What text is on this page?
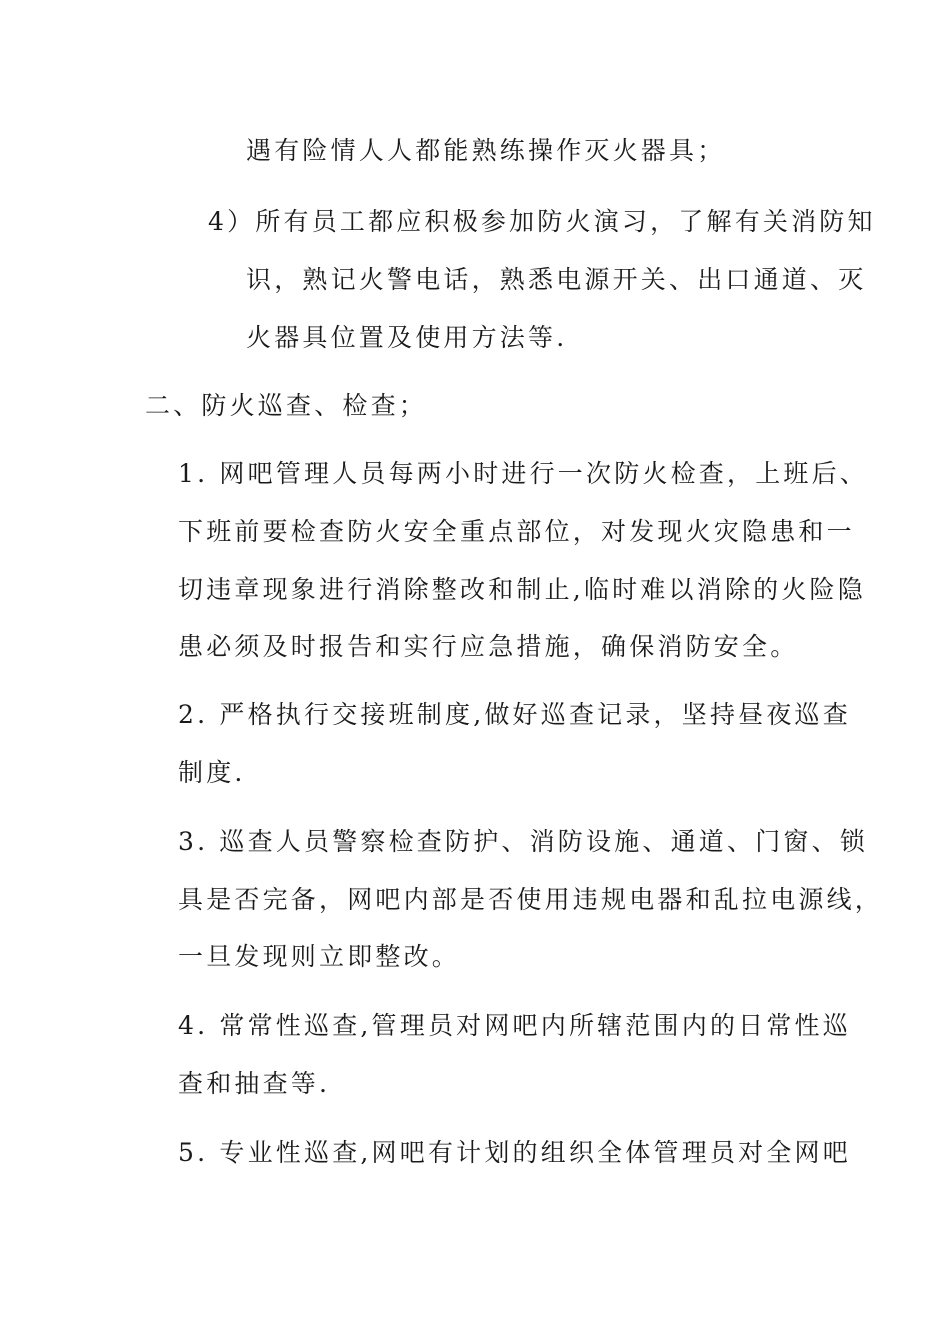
遇有险情人人都能熟练操作灭火器具；
4）所有员工都应积极参加防火演习，了解有关消防知
识，熟记火警电话，熟悉电源开关、出口通道、灭
火器具位置及使用方法等.
二、防火巡查、检查；
1. 网吧管理人员每两小时进行一次防火检查，上班后、
下班前要检查防火安全重点部位，对发现火灾隐患和一
切违章现象进行消除整改和制止,临时难以消除的火险隐
患必须及时报告和实行应急措施，确保消防安全。
2. 严格执行交接班制度,做好巡查记录，坚持昼夜巡查
制度.
3. 巡查人员警察检查防护、消防设施、通道、门窗、锁
具是否完备，网吧内部是否使用违规电器和乱拉电源线，
一旦发现则立即整改。
4. 常常性巡查,管理员对网吧内所辖范围内的日常性巡
查和抽查等.
5. 专业性巡查,网吧有计划的组织全体管理员对全网吧
